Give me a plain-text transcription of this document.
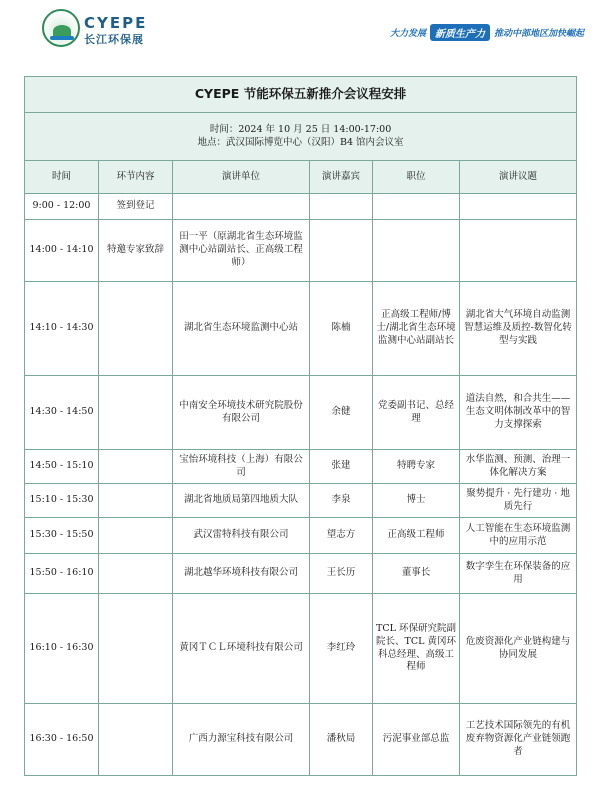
CYEPE
长江环保展	大力发展 新质生产力	推动中部地区加快崛起
CYEPE 节能环保五新推介会议程安排					

时间：2024 年 10 月 25 日 14:00-17:00
地点：武汉国际博览中心（汉阳）B4 馆内会议室					

时间	环节内容	演讲单位	演讲嘉宾	职位	演讲议题
9:00 - 12:00	签到登记				
14:00 - 14:10	特邀专家致辞	田一平（原湖北省生态环境监测中心站副站长、正高级工程师）			
14:10 - 14:30		湖北省生态环境监测中心站	陈楠	正高级工程师/博士/湖北省生态环境监测中心站副站长	湖北省大气环境自动监测智慧运维及质控-数智化转型与实践
14:30 - 14:50		中南安全环境技术研究院股份有限公司	余健	党委副书记、总经理	道法自然，和合共生——生态文明体制改革中的智力支撑探索
14:50 - 15:10		宝怡环境科技（上海）有限公司	张建	特聘专家	水华监测、预测、治理一体化解决方案
15:10 - 15:30		湖北省地质局第四地质大队	李泉	博士	聚势提升 · 先行建功 · 地质先行
15:30 - 15:50		武汉雷特科技有限公司	望志方	正高级工程师	人工智能在生态环境监测中的应用示范
15:50 - 16:10		湖北越华环境科技有限公司	王长历	董事长	数字孪生在环保装备的应用
16:10 - 16:30		黄冈ＴＣＬ环境科技有限公司	李红玲	TCL 环保研究院副院长、TCL 黄冈环科总经理、高级工程师	危废资源化产业链构建与协同发展
16:30 - 16:50		广西力源宝科技有限公司	潘秋局	污泥事业部总监	工艺技术国际领先的有机废弃物资源化产业链领跑者
